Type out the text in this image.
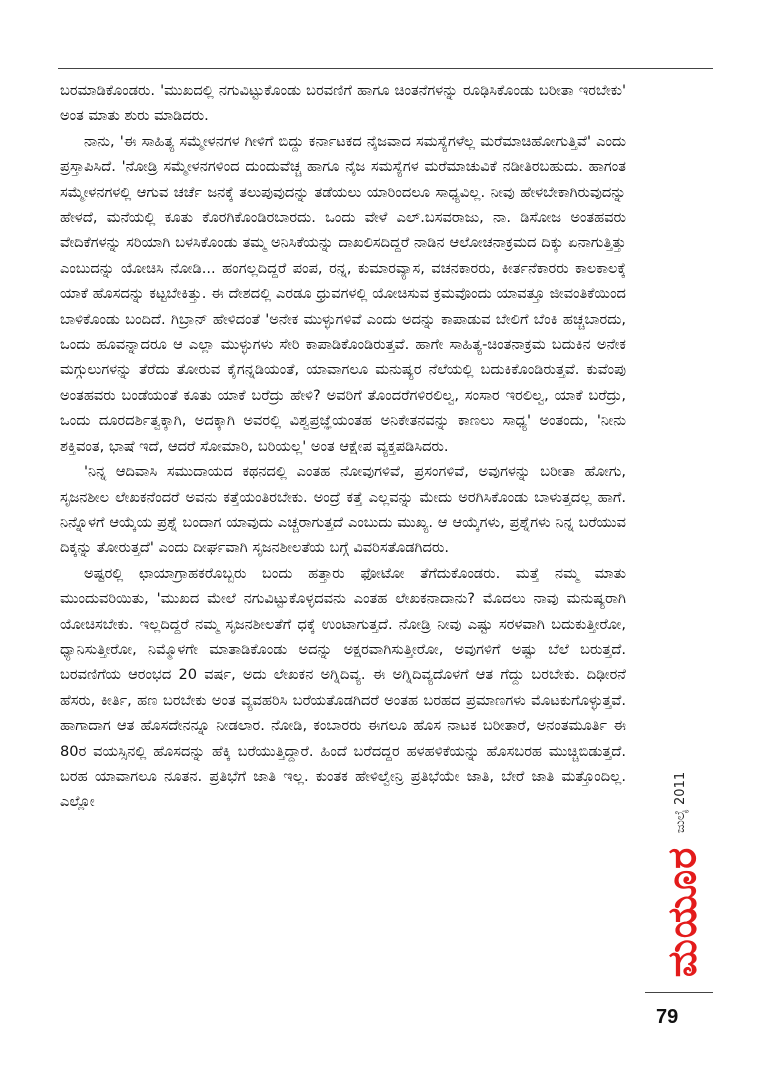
ಬರಮಾಡಿಕೊಂಡರು. 'ಮುಖದಲ್ಲಿ ನಗುವಿಟ್ಟುಕೊಂಡು ಬರವಣಿಗೆ ಹಾಗೂ ಚಿಂತನೆಗಳನ್ನು ರೂಢಿಸಿಕೊಂಡು ಬರೀತಾ ಇರಬೇಕು' ಅಂತ ಮಾತು ಶುರು ಮಾಡಿದರು.

ನಾನು, 'ಈ ಸಾಹಿತ್ಯ ಸಮ್ಮೇಳನಗಳ ಗೀಳಿಗೆ ಬಿದ್ದು ಕರ್ನಾಟಕದ ನೈಜವಾದ ಸಮಸ್ಯೆಗಳೆಲ್ಲ ಮರೆಮಾಚಿಹೋಗುತ್ತಿವೆ' ಎಂದು ಪ್ರಸ್ತಾಪಿಸಿದೆ. 'ನೋಡ್ರಿ ಸಮ್ಮೇಳನಗಳಿಂದ ದುಂದುವೆಚ್ಚ ಹಾಗೂ ನೈಜ ಸಮಸ್ಯೆಗಳ ಮರೆಮಾಚುವಿಕೆ ನಡೀತಿರಬಹುದು. ಹಾಗಂತ ಸಮ್ಮೇಳನಗಳಲ್ಲಿ ಆಗುವ ಚರ್ಚೆ ಜನಕ್ಕೆ ತಲುಪುವುದನ್ನು ತಡೆಯಲು ಯಾರಿಂದಲೂ ಸಾಧ್ಯವಿಲ್ಲ. ನೀವು ಹೇಳಬೇಕಾಗಿರುವುದನ್ನು ಹೇಳದೆ, ಮನೆಯಲ್ಲಿ ಕೂತು ಕೊರಗಿಕೊಂಡಿರಬಾರದು. ಒಂದು ವೇಳೆ ಎಲ್.ಬಸವರಾಜು, ನಾ. ಡಿಸೋಜ ಅಂತಹವರು ವೇದಿಕೆಗಳನ್ನು ಸರಿಯಾಗಿ ಬಳಸಿಕೊಂಡು ತಮ್ಮ ಅನಿಸಿಕೆಯನ್ನು ದಾಖಲಿಸದಿದ್ದರೆ ನಾಡಿನ ಆಲೋಚನಾಕ್ರಮದ ದಿಕ್ಕು ಏನಾಗುತ್ತಿತ್ತು ಎಂಬುದನ್ನು ಯೋಚಿಸಿ ನೋಡಿ... ಹಂಗಲ್ಲದಿದ್ದರೆ ಪಂಪ, ರನ್ನ, ಕುಮಾರವ್ಯಾಸ, ವಚನಕಾರರು, ಕೀರ್ತನೆಕಾರರು ಕಾಲಕಾಲಕ್ಕೆ ಯಾಕೆ ಹೊಸದನ್ನು ಕಟ್ಟಬೇಕಿತ್ತು. ಈ ದೇಶದಲ್ಲಿ ಎರಡೂ ಧ್ರುವಗಳಲ್ಲಿ ಯೋಚಿಸುವ ಕ್ರಮವೊಂದು ಯಾವತ್ತೂ ಜೀವಂತಿಕೆಯಿಂದ ಬಾಳಿಕೊಂಡು ಬಂದಿದೆ. ಗಿಬ್ರಾನ್ ಹೇಳಿದಂತೆ 'ಅನೇಕ ಮುಳ್ಳುಗಳಿವೆ ಎಂದು ಅದನ್ನು ಕಾಪಾಡುವ ಬೇಲಿಗೆ ಬೆಂಕಿ ಹಚ್ಚಬಾರದು, ಒಂದು ಹೂವನ್ನಾದರೂ ಆ ಎಲ್ಲಾ ಮುಳ್ಳುಗಳು ಸೇರಿ ಕಾಪಾಡಿಕೊಂಡಿರುತ್ತವೆ. ಹಾಗೇ ಸಾಹಿತ್ಯ-ಚಿಂತನಾಕ್ರಮ ಬದುಕಿನ ಅನೇಕ ಮಗ್ಗುಲುಗಳನ್ನು ತೆರೆದು ತೋರುವ ಕೈಗನ್ನಡಿಯಂತೆ, ಯಾವಾಗಲೂ ಮನುಷ್ಯರ ನೆಲೆಯಲ್ಲಿ ಬದುಕಿಕೊಂಡಿರುತ್ತವೆ. ಕುವೆಂಪು ಅಂತಹವರು ಬಂಡೆಯಂತೆ ಕೂತು ಯಾಕೆ ಬರೆದ್ರು ಹೇಳಿ? ಅವರಿಗೆ ತೊಂದರೆಗಳಿರಲಿಲ್ವ, ಸಂಸಾರ ಇರಲಿಲ್ವ, ಯಾಕೆ ಬರೆದ್ರು, ಒಂದು ದೂರದರ್ಶಿತ್ವಕ್ಕಾಗಿ, ಅದಕ್ಕಾಗಿ ಅವರಲ್ಲಿ ವಿಶ್ವಪ್ರಜ್ಞೆಯಂತಹ ಅನಿಕೇತನವನ್ನು ಕಾಣಲು ಸಾಧ್ಯ' ಅಂತಂದು, 'ನೀನು ಶಕ್ತಿವಂತ, ಭಾಷೆ ಇದೆ, ಆದರೆ ಸೋಮಾರಿ, ಬರಿಯಲ್ಲ' ಅಂತ ಆಕ್ಷೇಪ ವ್ಯಕ್ತಪಡಿಸಿದರು.

'ನಿನ್ನ ಆದಿವಾಸಿ ಸಮುದಾಯದ ಕಥನದಲ್ಲಿ ಎಂತಹ ನೋವುಗಳಿವೆ, ಪ್ರಸಂಗಳಿವೆ, ಅವುಗಳನ್ನು ಬರೀತಾ ಹೋಗು, ಸೃಜನಶೀಲ ಲೇಖಕನೆಂದರೆ ಅವನು ಕತ್ತೆಯಂತಿರಬೇಕು. ಅಂದ್ರೆ ಕತ್ತೆ ಎಲ್ಲವನ್ನು ಮೇದು ಅರಗಿಸಿಕೊಂಡು ಬಾಳುತ್ತದಲ್ಲ ಹಾಗೆ. ನಿನ್ನೊಳಗೆ ಆಯ್ಕೆಯ ಪ್ರಶ್ನೆ ಬಂದಾಗ ಯಾವುದು ಎಚ್ಚರಾಗುತ್ತದೆ ಎಂಬುದು ಮುಖ್ಯ. ಆ ಆಯ್ಕೆಗಳು, ಪ್ರಶ್ನೆಗಳು ನಿನ್ನ ಬರೆಯುವ ದಿಕ್ಕನ್ನು ತೋರುತ್ತದೆ' ಎಂದು ದೀರ್ಘವಾಗಿ ಸೃಜನಶೀಲತೆಯ ಬಗ್ಗೆ ವಿವರಿಸತೊಡಗಿದರು.

ಅಷ್ಟರಲ್ಲಿ ಛಾಯಾಗ್ರಾಹಕರೊಬ್ಬರು ಬಂದು ಹತ್ತಾರು ಫೋಟೋ ತೆಗೆದುಕೊಂಡರು. ಮತ್ತೆ ನಮ್ಮ ಮಾತು ಮುಂದುವರಿಯಿತು, 'ಮುಖದ ಮೇಲೆ ನಗುವಿಟ್ಟುಕೊಳ್ಳದವನು ಎಂತಹ ಲೇಖಕನಾದಾನು? ಮೊದಲು ನಾವು ಮನುಷ್ಯರಾಗಿ ಯೋಚಿಸಬೇಕು. ಇಲ್ಲದಿದ್ದರೆ ನಮ್ಮ ಸೃಜನಶೀಲತೆಗೆ ಧಕ್ಕೆ ಉಂಟಾಗುತ್ತದೆ. ನೋಡ್ರಿ ನೀವು ಎಷ್ಟು ಸರಳವಾಗಿ ಬದುಕುತ್ತೀರೋ, ಧ್ಯಾನಿಸುತ್ತೀರೋ, ನಿಮ್ಮೊಳಗೇ ಮಾತಾಡಿಕೊಂಡು ಅದನ್ನು ಅಕ್ಷರವಾಗಿಸುತ್ತೀರೋ, ಅವುಗಳಿಗೆ ಅಷ್ಟು ಬೆಲೆ ಬರುತ್ತದೆ. ಬರವಣಿಗೆಯ ಆರಂಭದ 20 ವರ್ಷ, ಅದು ಲೇಖಕನ ಅಗ್ನಿದಿವ್ಯ. ಈ ಅಗ್ನಿದಿವ್ಯದೊಳಗೆ ಆತ ಗೆದ್ದು ಬರಬೇಕು. ದಿಢೀರನೆ ಹೆಸರು, ಕೀರ್ತಿ, ಹಣ ಬರಬೇಕು ಅಂತ ವ್ಯವಹರಿಸಿ ಬರೆಯತೊಡಗಿದರೆ ಅಂತಹ ಬರಹದ ಪ್ರಮಾಣಗಳು ಮೊಟಕುಗೊಳ್ಳುತ್ತವೆ. ಹಾಗಾದಾಗ ಆತ ಹೊಸದೇನನ್ನೂ ನೀಡಲಾರ. ನೋಡಿ, ಕಂಬಾರರು ಈಗಲೂ ಹೊಸ ನಾಟಕ ಬರೀತಾರೆ, ಅನಂತಮೂರ್ತಿ ಈ 80ರ ವಯಸ್ಸಿನಲ್ಲಿ ಹೊಸದನ್ನು ಹೆಕ್ಕಿ ಬರೆಯುತ್ತಿದ್ದಾರೆ. ಹಿಂದೆ ಬರೆದದ್ದರ ಹಳಹಳಿಕೆಯನ್ನು ಹೊಸಬರಹ ಮುಚ್ಚಿಬಿಡುತ್ತದೆ. ಬರಹ ಯಾವಾಗಲೂ ನೂತನ. ಪ್ರತಿಭೆಗೆ ಜಾತಿ ಇಲ್ಲ. ಕುಂತಕ ಹೇಳಿಲ್ವೇನ್ರಿ ಪ್ರತಿಭೆಯೇ ಜಾತಿ, ಬೇರೆ ಜಾತಿ ಮತ್ತೊಂದಿಲ್ಲ. ಎಲ್ಲೋ	ಜುಲೈ 2011
ಮಯೂರ
79
